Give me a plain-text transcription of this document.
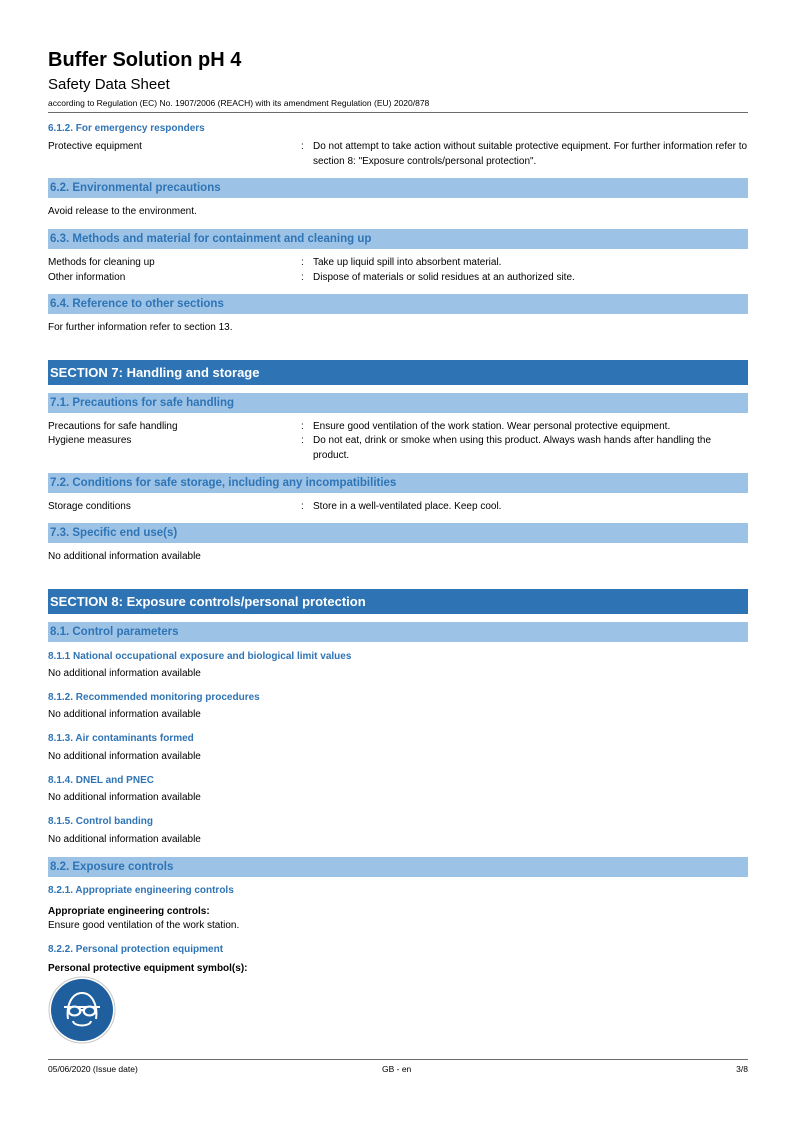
Buffer Solution pH 4
Safety Data Sheet
according to Regulation (EC) No. 1907/2006 (REACH) with its amendment Regulation (EU) 2020/878
6.1.2. For emergency responders
Protective equipment	: Do not attempt to take action without suitable protective equipment. For further information refer to section 8: "Exposure controls/personal protection".
6.2. Environmental precautions
Avoid release to the environment.
6.3. Methods and material for containment and cleaning up
Methods for cleaning up	: Take up liquid spill into absorbent material.
Other information	: Dispose of materials or solid residues at an authorized site.
6.4. Reference to other sections
For further information refer to section 13.
SECTION 7: Handling and storage
7.1. Precautions for safe handling
Precautions for safe handling	: Ensure good ventilation of the work station. Wear personal protective equipment.
Hygiene measures	: Do not eat, drink or smoke when using this product. Always wash hands after handling the product.
7.2. Conditions for safe storage, including any incompatibilities
Storage conditions	: Store in a well-ventilated place. Keep cool.
7.3. Specific end use(s)
No additional information available
SECTION 8: Exposure controls/personal protection
8.1. Control parameters
8.1.1 National occupational exposure and biological limit values
No additional information available
8.1.2. Recommended monitoring procedures
No additional information available
8.1.3. Air contaminants formed
No additional information available
8.1.4. DNEL and PNEC
No additional information available
8.1.5. Control banding
No additional information available
8.2. Exposure controls
8.2.1. Appropriate engineering controls
Appropriate engineering controls:
Ensure good ventilation of the work station.
8.2.2. Personal protection equipment
Personal protective equipment symbol(s):
05/06/2020 (Issue date)	GB - en	3/8
